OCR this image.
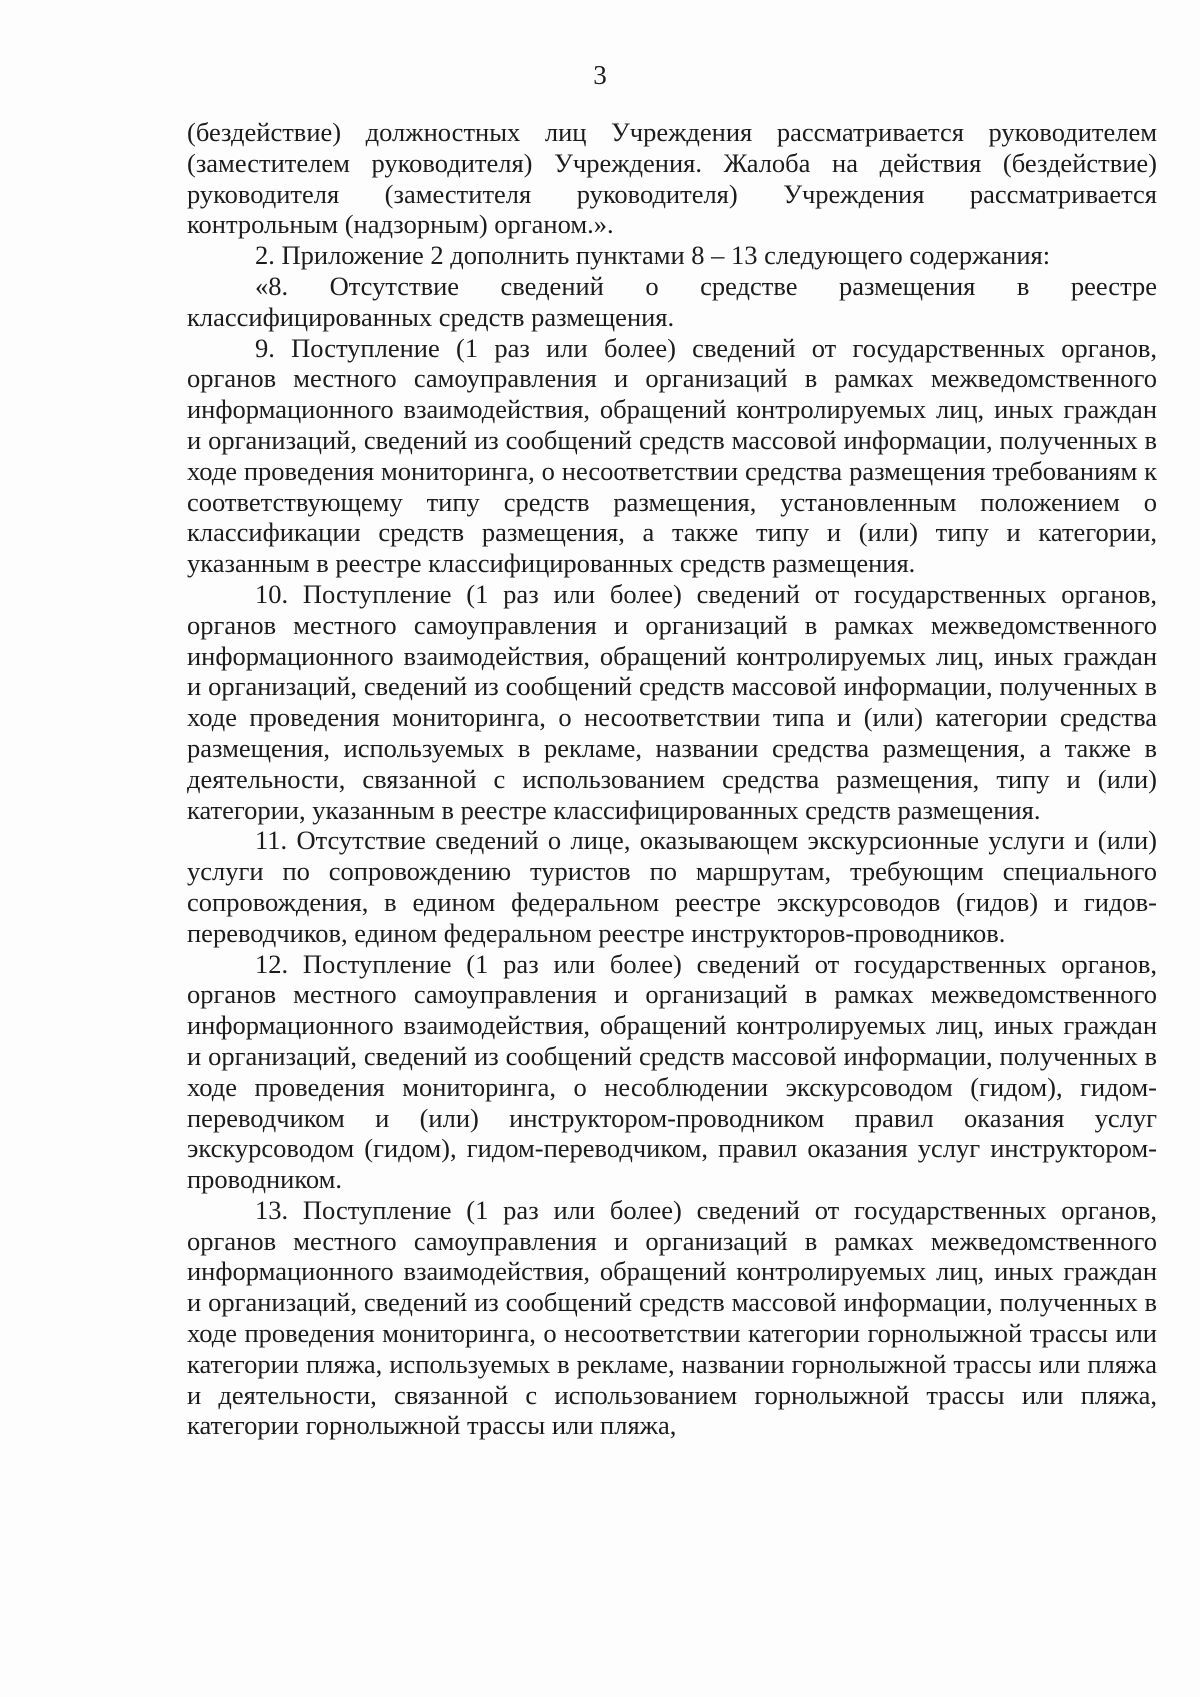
3

(бездействие) должностных лиц Учреждения рассматривается руководителем (заместителем руководителя) Учреждения. Жалоба на действия (бездействие) руководителя (заместителя руководителя) Учреждения рассматривается контрольным (надзорным) органом.».

2. Приложение 2 дополнить пунктами 8 – 13 следующего содержания:

«8. Отсутствие сведений о средстве размещения в реестре классифицированных средств размещения.

9. Поступление (1 раз или более) сведений от государственных органов, органов местного самоуправления и организаций в рамках межведомственного информационного взаимодействия, обращений контролируемых лиц, иных граждан и организаций, сведений из сообщений средств массовой информации, полученных в ходе проведения мониторинга, о несоответствии средства размещения требованиям к соответствующему типу средств размещения, установленным положением о классификации средств размещения, а также типу и (или) типу и категории, указанным в реестре классифицированных средств размещения.

10. Поступление (1 раз или более) сведений от государственных органов, органов местного самоуправления и организаций в рамках межведомственного информационного взаимодействия, обращений контролируемых лиц, иных граждан и организаций, сведений из сообщений средств массовой информации, полученных в ходе проведения мониторинга, о несоответствии типа и (или) категории средства размещения, используемых в рекламе, названии средства размещения, а также в деятельности, связанной с использованием средства размещения, типу и (или) категории, указанным в реестре классифицированных средств размещения.

11. Отсутствие сведений о лице, оказывающем экскурсионные услуги и (или) услуги по сопровождению туристов по маршрутам, требующим специального сопровождения, в едином федеральном реестре экскурсоводов (гидов) и гидов-переводчиков, едином федеральном реестре инструкторов-проводников.

12. Поступление (1 раз или более) сведений от государственных органов, органов местного самоуправления и организаций в рамках межведомственного информационного взаимодействия, обращений контролируемых лиц, иных граждан и организаций, сведений из сообщений средств массовой информации, полученных в ходе проведения мониторинга, о несоблюдении экскурсоводом (гидом), гидом-переводчиком и (или) инструктором-проводником правил оказания услуг экскурсоводом (гидом), гидом-переводчиком, правил оказания услуг инструктором-проводником.

13. Поступление (1 раз или более) сведений от государственных органов, органов местного самоуправления и организаций в рамках межведомственного информационного взаимодействия, обращений контролируемых лиц, иных граждан и организаций, сведений из сообщений средств массовой информации, полученных в ходе проведения мониторинга, о несоответствии категории горнолыжной трассы или категории пляжа, используемых в рекламе, названии горнолыжной трассы или пляжа и деятельности, связанной с использованием горнолыжной трассы или пляжа, категории горнолыжной трассы или пляжа,
